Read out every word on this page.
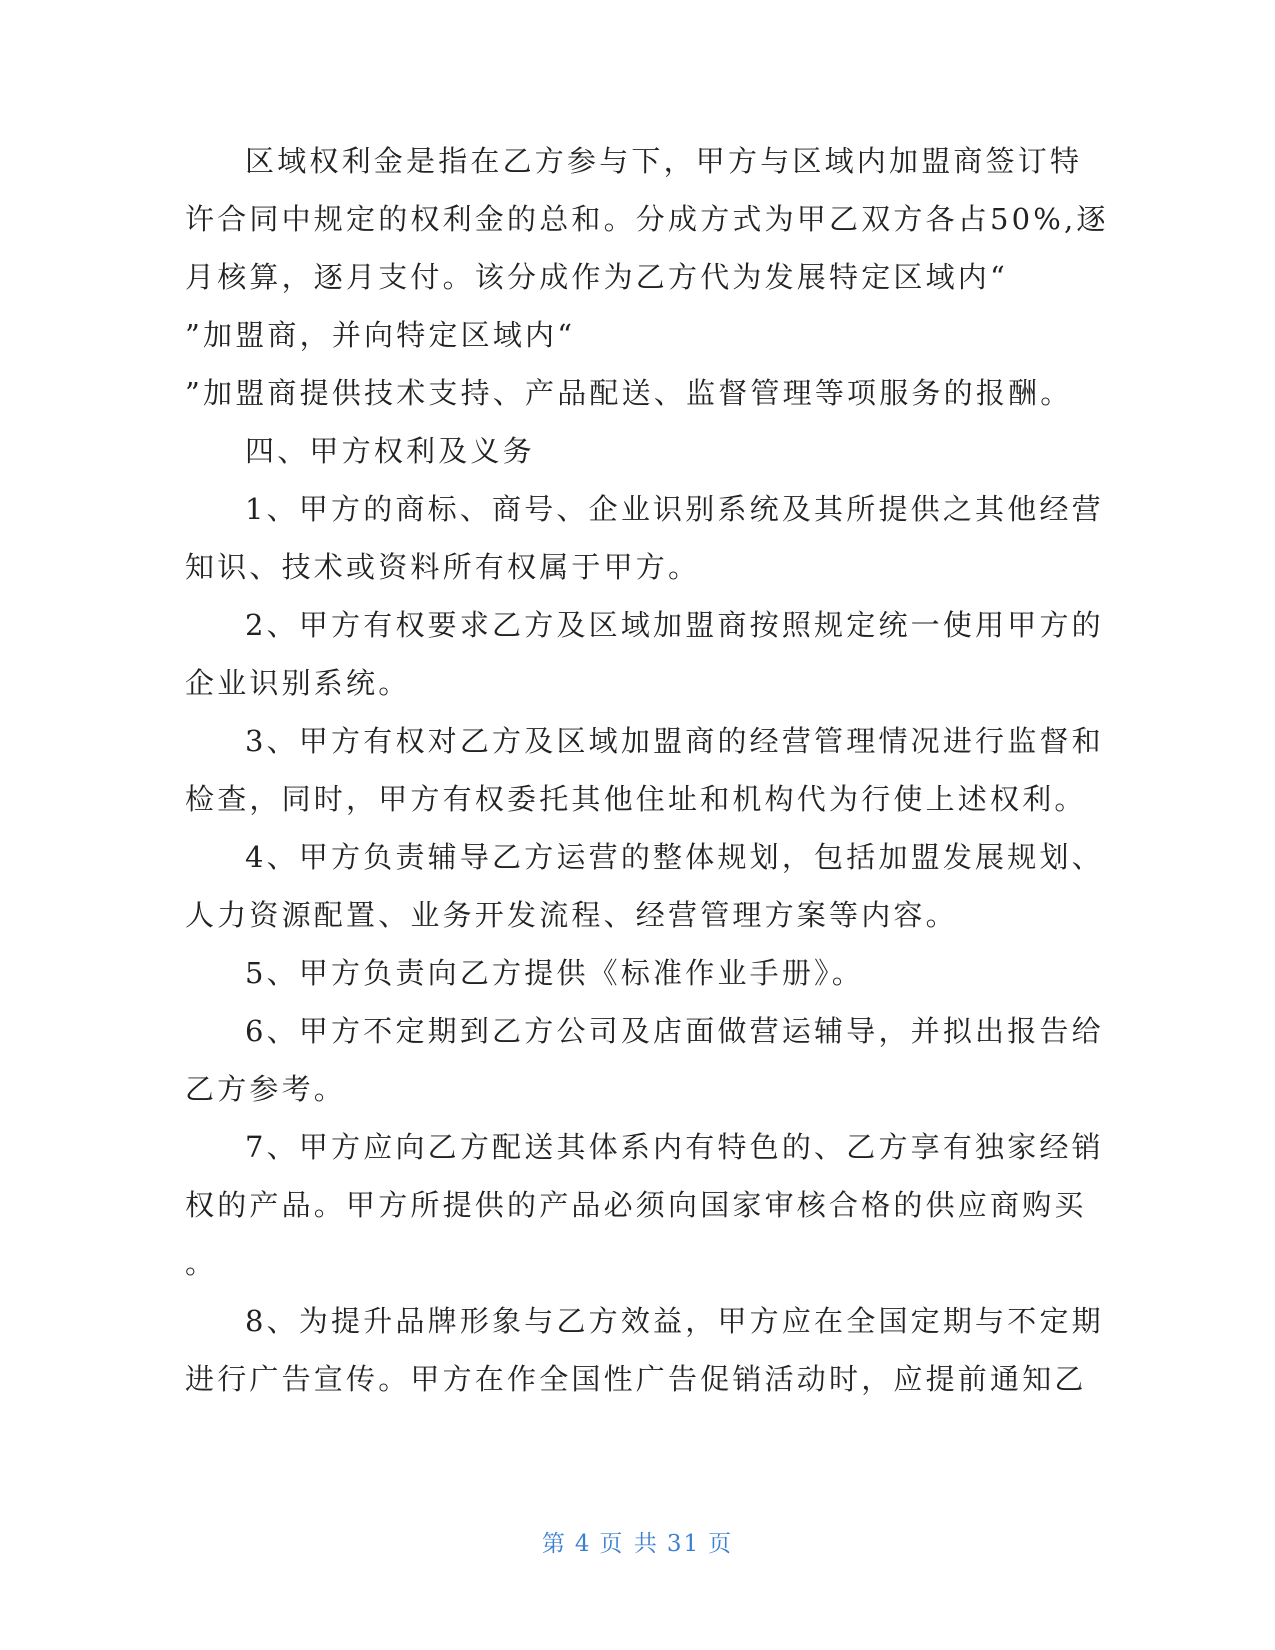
区域权利金是指在乙方参与下，甲方与区域内加盟商签订特
许合同中规定的权利金的总和。分成方式为甲乙双方各占50%,逐
月核算，逐月支付。该分成作为乙方代为发展特定区域内“
”加盟商，并向特定区域内“
”加盟商提供技术支持、产品配送、监督管理等项服务的报酬。
四、甲方权利及义务
1、甲方的商标、商号、企业识别系统及其所提供之其他经营
知识、技术或资料所有权属于甲方。
2、甲方有权要求乙方及区域加盟商按照规定统一使用甲方的
企业识别系统。
3、甲方有权对乙方及区域加盟商的经营管理情况进行监督和
检查，同时，甲方有权委托其他住址和机构代为行使上述权利。
4、甲方负责辅导乙方运营的整体规划，包括加盟发展规划、
人力资源配置、业务开发流程、经营管理方案等内容。
5、甲方负责向乙方提供《标准作业手册》。
6、甲方不定期到乙方公司及店面做营运辅导，并拟出报告给
乙方参考。
7、甲方应向乙方配送其体系内有特色的、乙方享有独家经销
权的产品。甲方所提供的产品必须向国家审核合格的供应商购买
。
8、为提升品牌形象与乙方效益，甲方应在全国定期与不定期
进行广告宣传。甲方在作全国性广告促销活动时，应提前通知乙
第 4 页 共 31 页
